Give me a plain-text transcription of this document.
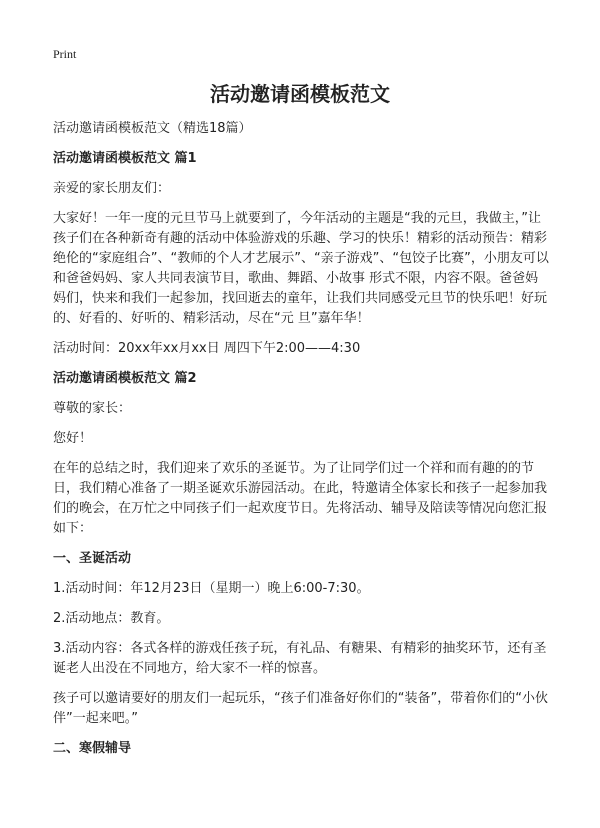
Print
活动邀请函模板范文

活动邀请函模板范文（精选18篇）

活动邀请函模板范文 篇1

亲爱的家长朋友们：

大家好！一年一度的元旦节马上就要到了，今年活动的主题是“我的元旦，我做主，”让孩子们在各种新奇有趣的活动中体验游戏的乐趣、学习的快乐！精彩的活动预告：精彩绝伦的“家庭组合”、“教师的个人才艺展示”、“亲子游戏”、“包饺子比赛”，小朋友可以和爸爸妈妈、家人共同表演节目，歌曲、舞蹈、小故事 形式不限，内容不限。爸爸妈妈们，快来和我们一起参加，找回逝去的童年，让我们共同感受元旦节的快乐吧！好玩的、好看的、好听的、精彩活动，尽在“元 旦”嘉年华！

活动时间：20xx年xx月xx日 周四下午2:00——4:30

活动邀请函模板范文 篇2

尊敬的家长：

您好！

在年的总结之时，我们迎来了欢乐的圣诞节。为了让同学们过一个祥和而有趣的的节日，我们精心准备了一期圣诞欢乐游园活动。在此，特邀请全体家长和孩子一起参加我们的晚会，在万忙之中同孩子们一起欢度节日。先将活动、辅导及陪读等情况向您汇报如下：

一、圣诞活动

1.活动时间：年12月23日（星期一）晚上6:00-7:30。

2.活动地点：教育。

3.活动内容：各式各样的游戏任孩子玩，有礼品、有糖果、有精彩的抽奖环节，还有圣诞老人出没在不同地方，给大家不一样的惊喜。

孩子可以邀请要好的朋友们一起玩乐，“孩子们准备好你们的“装备”，带着你们的“小伙伴”一起来吧。”

二、寒假辅导
